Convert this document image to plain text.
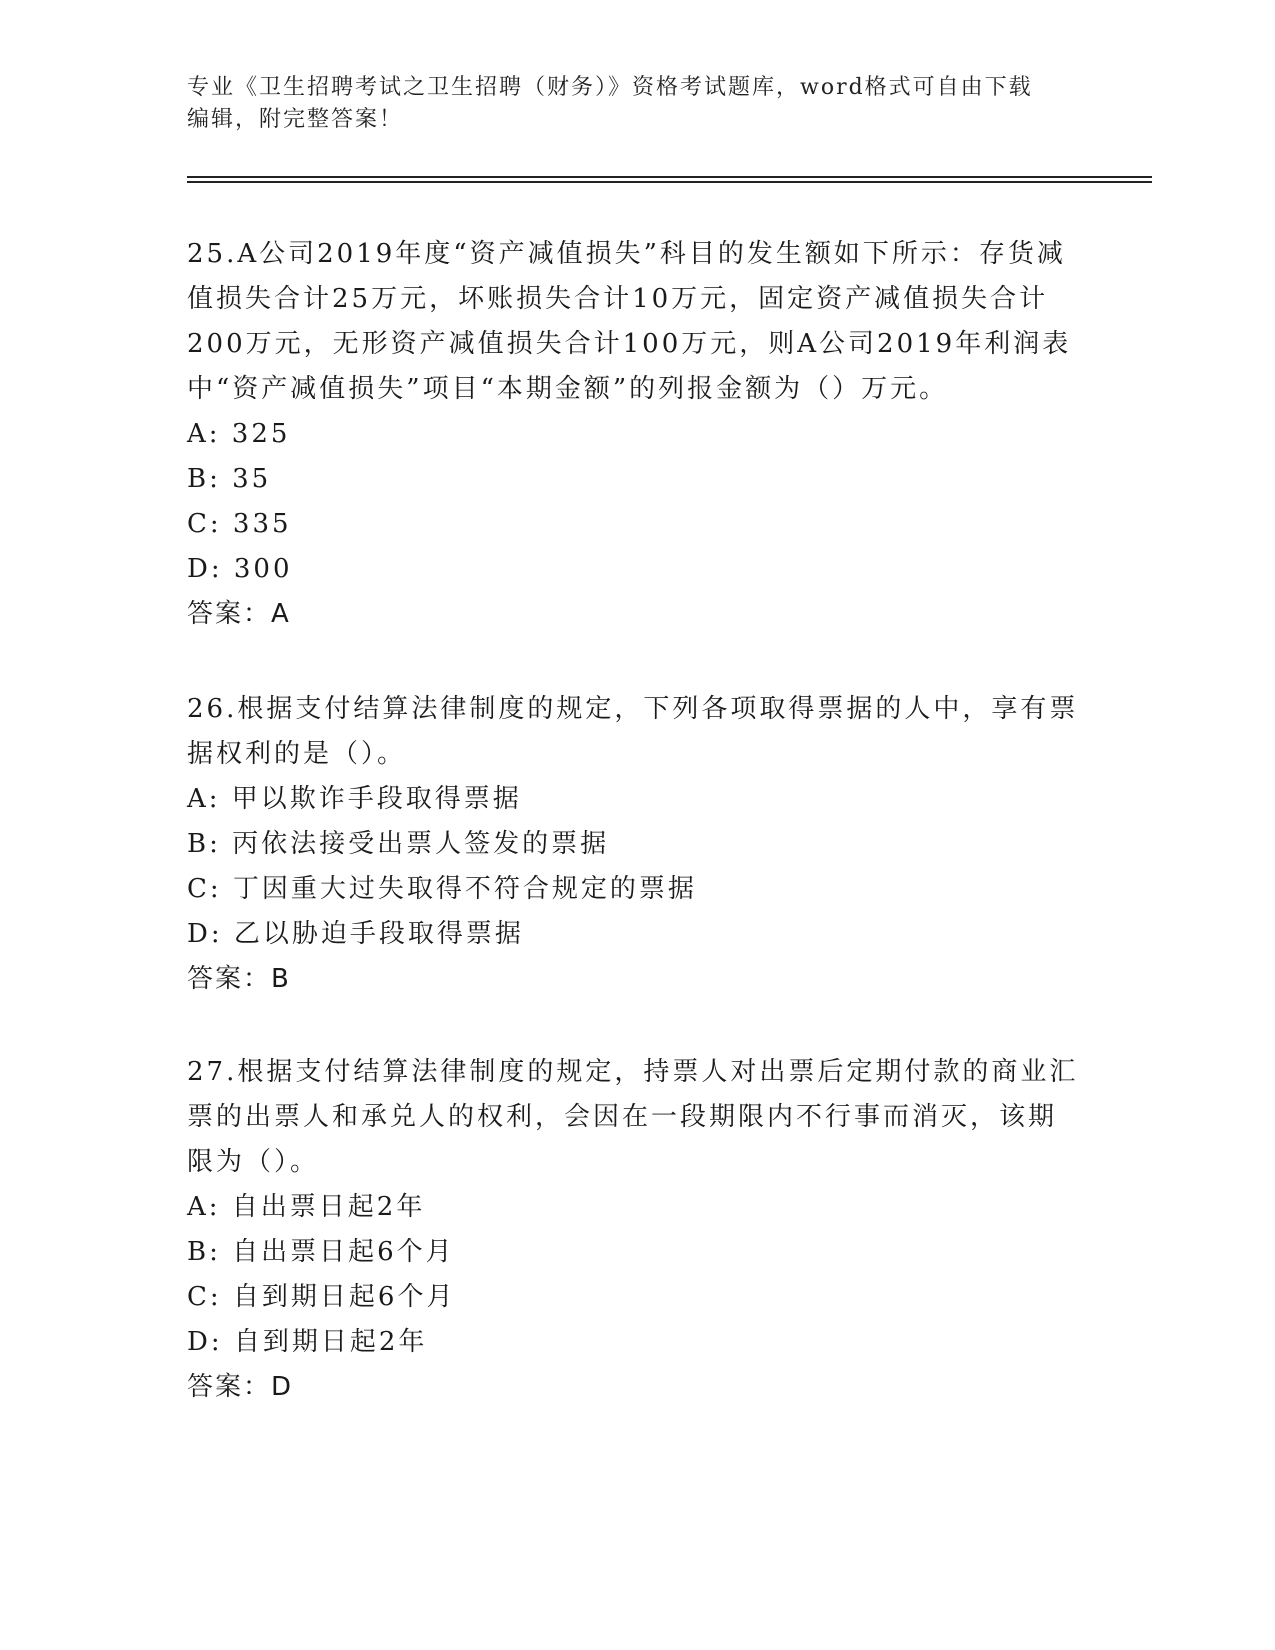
专业《卫生招聘考试之卫生招聘（财务）》资格考试题库，word格式可自由下载
编辑，附完整答案！

25.A公司2019年度“资产减值损失”科目的发生额如下所示：存货减

值损失合计25万元，坏账损失合计10万元，固定资产减值损失合计

200万元，无形资产减值损失合计100万元，则A公司2019年利润表

中“资产减值损失”项目“本期金额”的列报金额为（）万元。

A: 325

B: 35

C: 335

D: 300

答案：A

26.根据支付结算法律制度的规定，下列各项取得票据的人中，享有票

据权利的是（）。

A: 甲以欺诈手段取得票据

B: 丙依法接受出票人签发的票据

C: 丁因重大过失取得不符合规定的票据

D: 乙以胁迫手段取得票据

答案：B

27.根据支付结算法律制度的规定，持票人对出票后定期付款的商业汇

票的出票人和承兑人的权利，会因在一段期限内不行事而消灭，该期

限为（）。

A: 自出票日起2年

B: 自出票日起6个月

C: 自到期日起6个月

D: 自到期日起2年

答案：D
